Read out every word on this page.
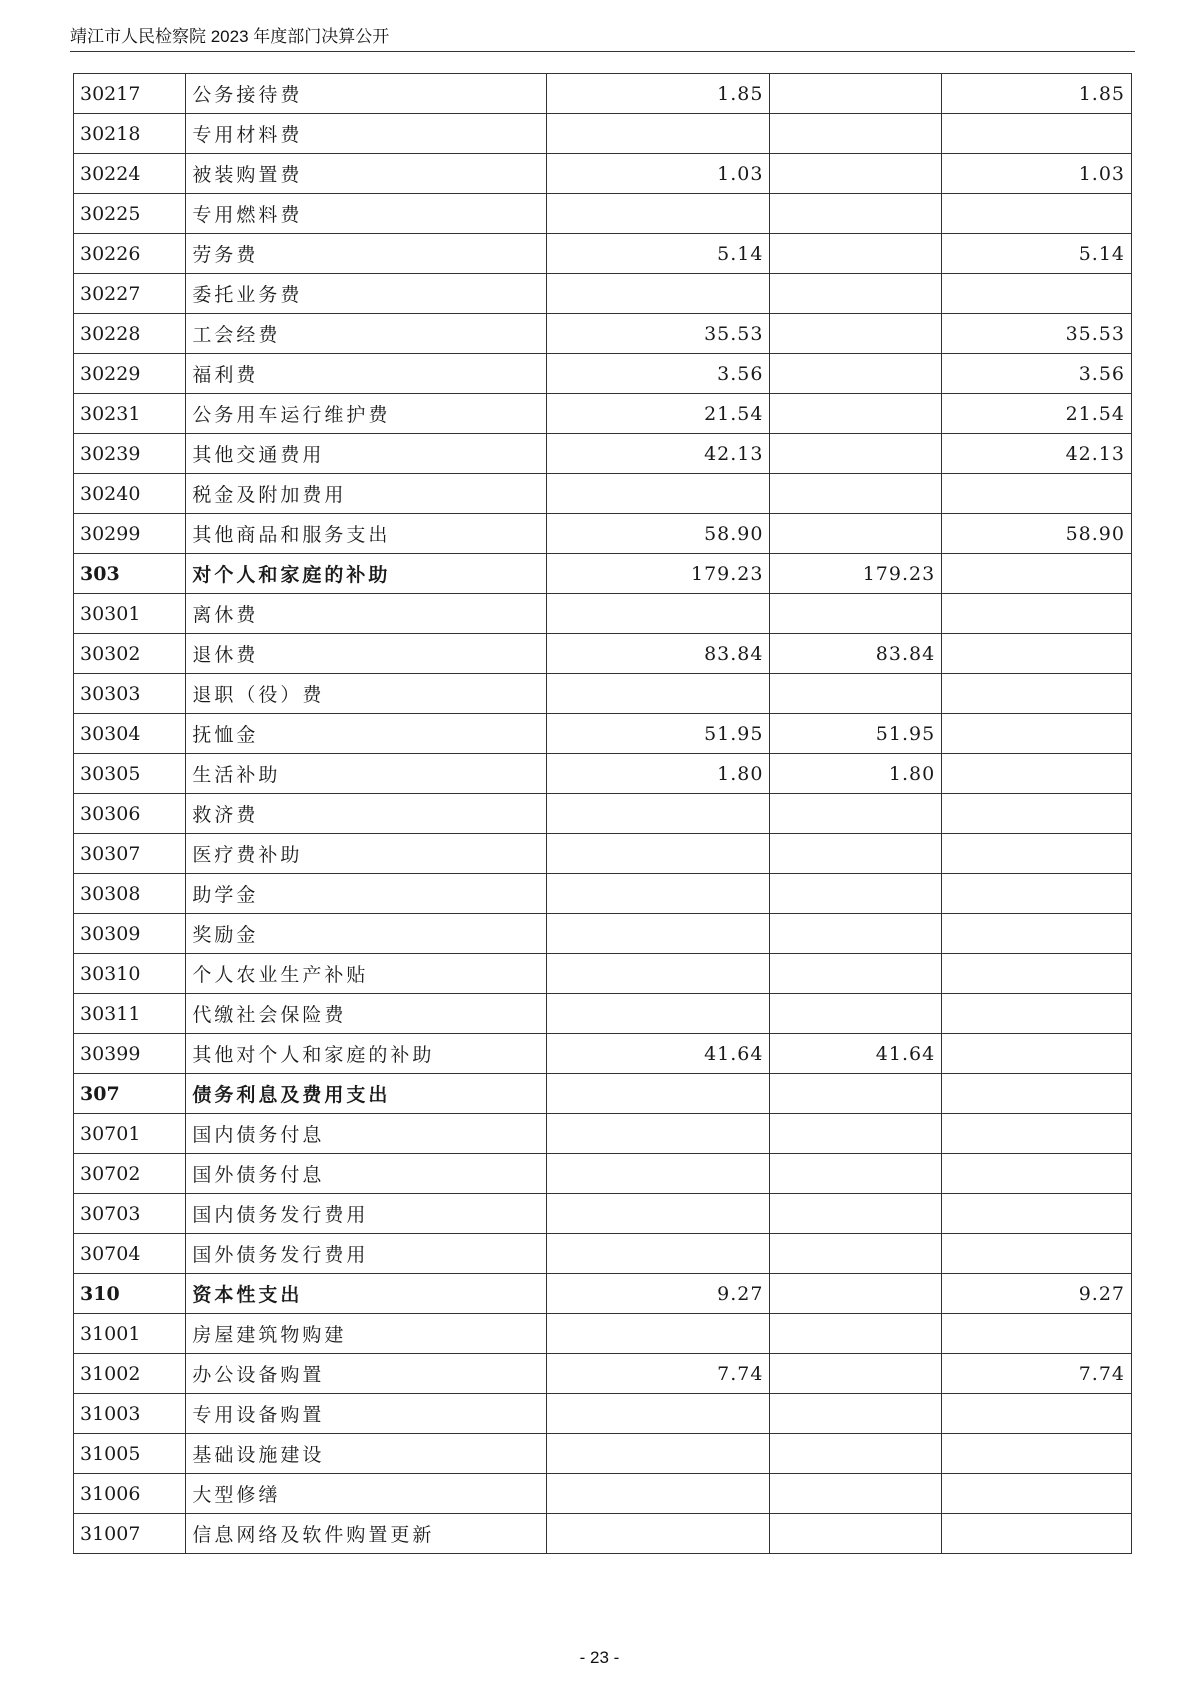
靖江市人民检察院 2023 年度部门决算公开
30217	公务接待费	1.85		1.85
30218	专用材料费			
30224	被装购置费	1.03		1.03
30225	专用燃料费			
30226	劳务费	5.14		5.14
30227	委托业务费			
30228	工会经费	35.53		35.53
30229	福利费	3.56		3.56
30231	公务用车运行维护费	21.54		21.54
30239	其他交通费用	42.13		42.13
30240	税金及附加费用			
30299	其他商品和服务支出	58.90		58.90
303	对个人和家庭的补助	179.23	179.23	
30301	离休费			
30302	退休费	83.84	83.84	
30303	退职（役）费			
30304	抚恤金	51.95	51.95	
30305	生活补助	1.80	1.80	
30306	救济费			
30307	医疗费补助			
30308	助学金			
30309	奖励金			
30310	个人农业生产补贴			
30311	代缴社会保险费			
30399	其他对个人和家庭的补助	41.64	41.64	
307	债务利息及费用支出			
30701	国内债务付息			
30702	国外债务付息			
30703	国内债务发行费用			
30704	国外债务发行费用			
310	资本性支出	9.27		9.27
31001	房屋建筑物购建			
31002	办公设备购置	7.74		7.74
31003	专用设备购置			
31005	基础设施建设			
31006	大型修缮			
31007	信息网络及软件购置更新			
- 23 -
